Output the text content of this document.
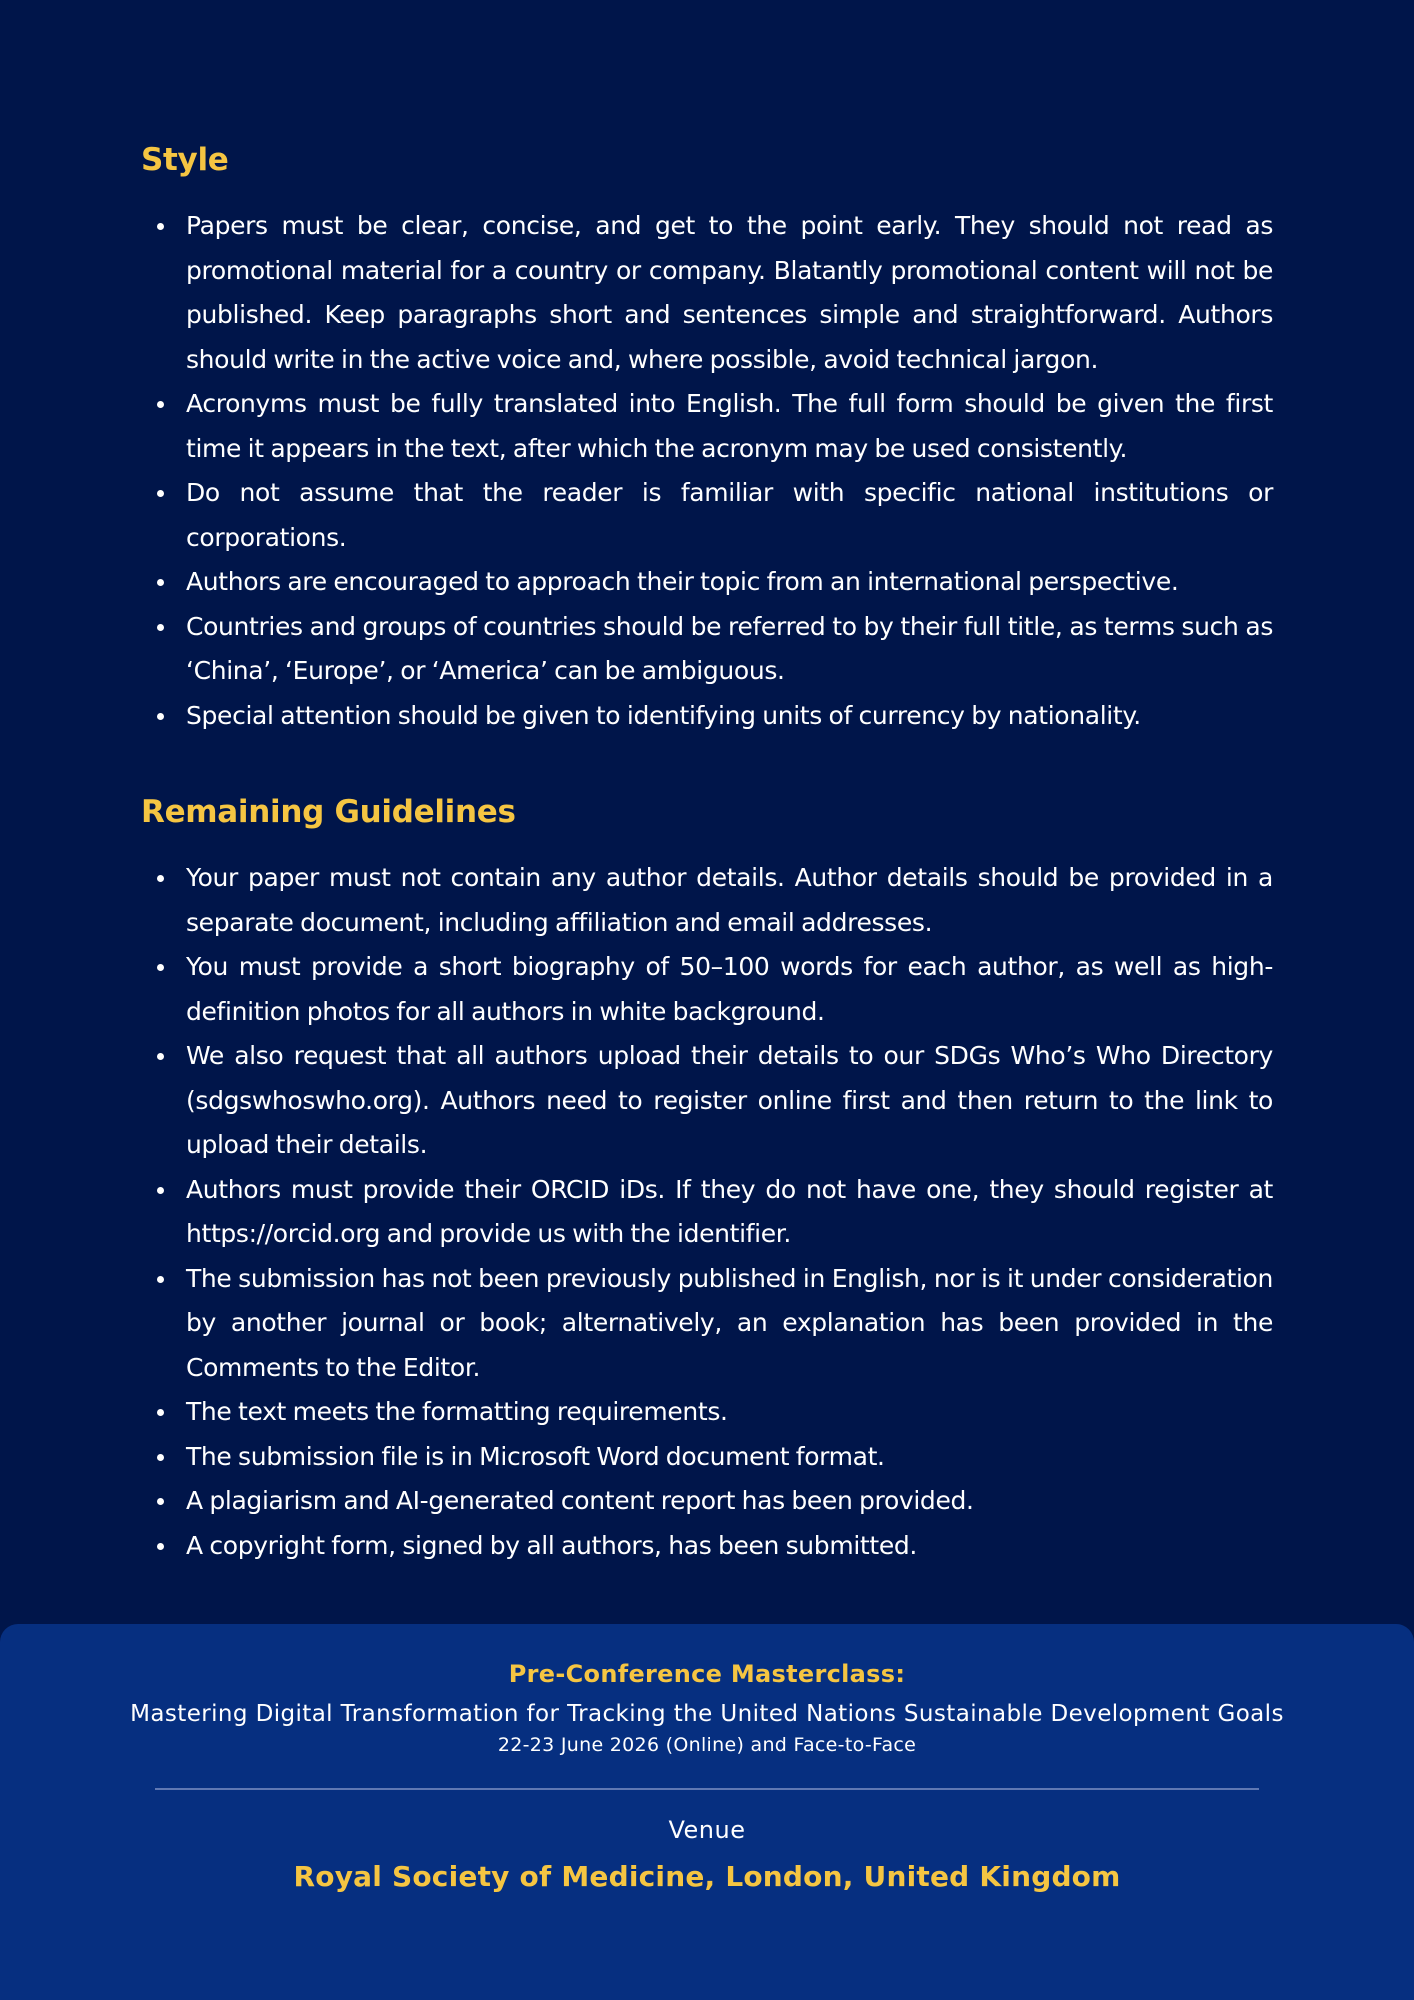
Style
Papers must be clear, concise, and get to the point early. They should not read as promotional material for a country or company. Blatantly promotional content will not be published. Keep paragraphs short and sentences simple and straightforward. Authors should write in the active voice and, where possible, avoid technical jargon.
Acronyms must be fully translated into English. The full form should be given the first time it appears in the text, after which the acronym may be used consistently.
Do not assume that the reader is familiar with specific national institutions or corporations.
Authors are encouraged to approach their topic from an international perspective.
Countries and groups of countries should be referred to by their full title, as terms such as ‘China’, ‘Europe’, or ‘America’ can be ambiguous.
Special attention should be given to identifying units of currency by nationality.
Remaining Guidelines
Your paper must not contain any author details. Author details should be provided in a separate document, including affiliation and email addresses.
You must provide a short biography of 50–100 words for each author, as well as high-definition photos for all authors in white background.
We also request that all authors upload their details to our SDGs Who’s Who Directory (sdgswhoswho.org). Authors need to register online first and then return to the link to upload their details.
Authors must provide their ORCID iDs. If they do not have one, they should register at https://orcid.org and provide us with the identifier.
The submission has not been previously published in English, nor is it under consideration by another journal or book; alternatively, an explanation has been provided in the Comments to the Editor.
The text meets the formatting requirements.
The submission file is in Microsoft Word document format.
A plagiarism and AI-generated content report has been provided.
A copyright form, signed by all authors, has been submitted.
Pre-Conference Masterclass:
Mastering Digital Transformation for Tracking the United Nations Sustainable Development Goals
22-23 June 2026 (Online) and Face-to-Face
Venue
Royal Society of Medicine, London, United Kingdom
